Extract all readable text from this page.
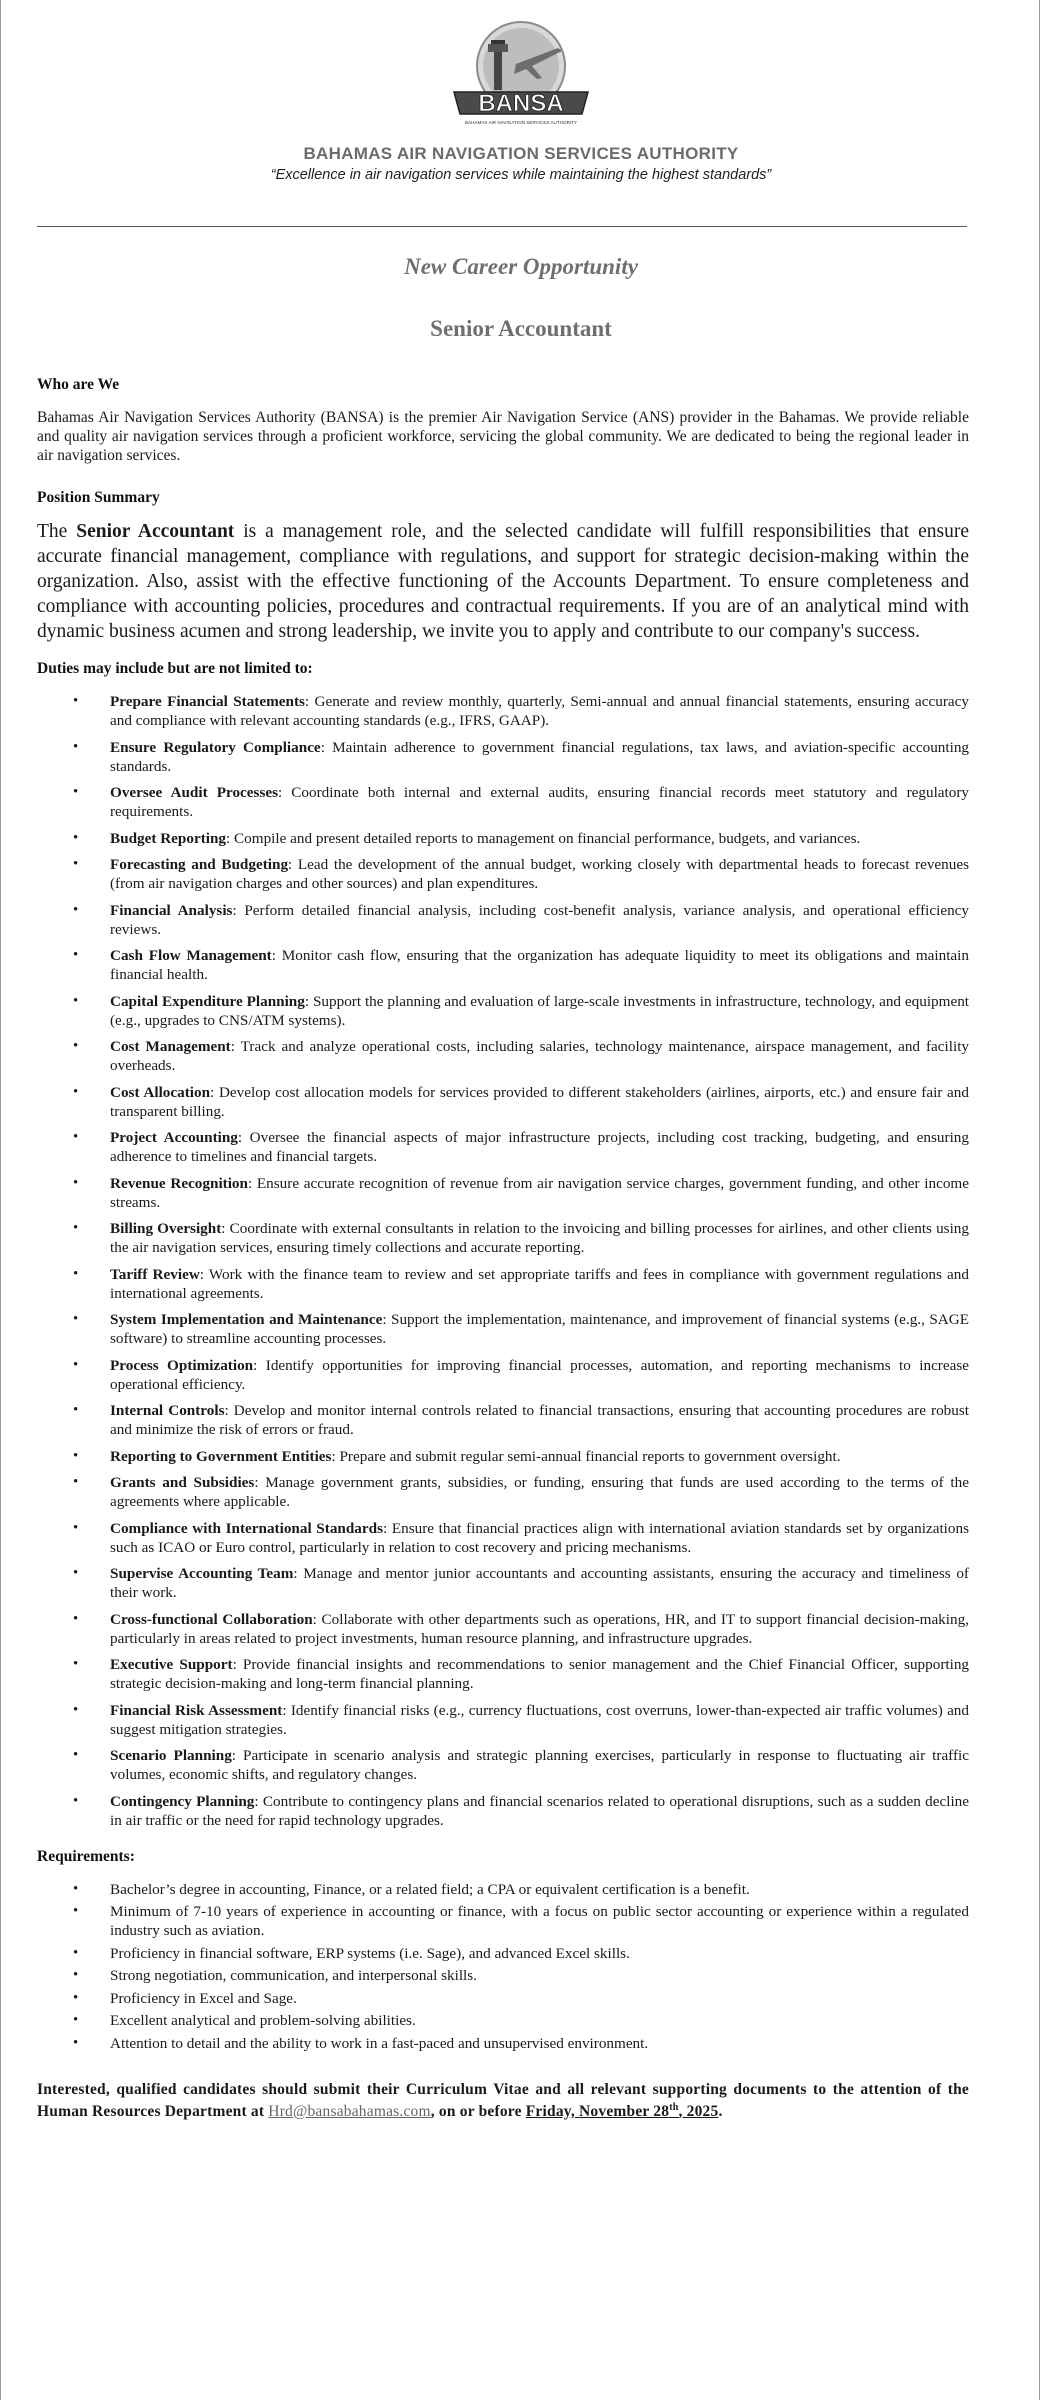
BANSA
BAHAMAS AIR NAVIGATION SERVICES AUTHORITY
BAHAMAS AIR NAVIGATION SERVICES AUTHORITY
“Excellence in air navigation services while maintaining the highest standards”
New Career Opportunity
Senior Accountant
Who are We

Bahamas Air Navigation Services Authority (BANSA) is the premier Air Navigation Service (ANS) provider in the Bahamas. We provide reliable and quality air navigation services through a proficient workforce, servicing the global community. We are dedicated to being the regional leader in air navigation services.

Position Summary

The Senior Accountant is a management role, and the selected candidate will fulfill responsibilities that ensure accurate financial management, compliance with regulations, and support for strategic decision-making within the organization. Also, assist with the effective functioning of the Accounts Department. To ensure completeness and compliance with accounting policies, procedures and contractual requirements. If you are of an analytical mind with dynamic business acumen and strong leadership, we invite you to apply and contribute to our company's success.

Duties may include but are not limited to:
• Prepare Financial Statements: Generate and review monthly, quarterly, Semi-annual and annual financial statements, ensuring accuracy and compliance with relevant accounting standards (e.g., IFRS, GAAP).
• Ensure Regulatory Compliance: Maintain adherence to government financial regulations, tax laws, and aviation-specific accounting standards.
• Oversee Audit Processes: Coordinate both internal and external audits, ensuring financial records meet statutory and regulatory requirements.
• Budget Reporting: Compile and present detailed reports to management on financial performance, budgets, and variances.
• Forecasting and Budgeting: Lead the development of the annual budget, working closely with departmental heads to forecast revenues (from air navigation charges and other sources) and plan expenditures.
• Financial Analysis: Perform detailed financial analysis, including cost-benefit analysis, variance analysis, and operational efficiency reviews.
• Cash Flow Management: Monitor cash flow, ensuring that the organization has adequate liquidity to meet its obligations and maintain financial health.
• Capital Expenditure Planning: Support the planning and evaluation of large-scale investments in infrastructure, technology, and equipment (e.g., upgrades to CNS/ATM systems).
• Cost Management: Track and analyze operational costs, including salaries, technology maintenance, airspace management, and facility overheads.
• Cost Allocation: Develop cost allocation models for services provided to different stakeholders (airlines, airports, etc.) and ensure fair and transparent billing.
• Project Accounting: Oversee the financial aspects of major infrastructure projects, including cost tracking, budgeting, and ensuring adherence to timelines and financial targets.
• Revenue Recognition: Ensure accurate recognition of revenue from air navigation service charges, government funding, and other income streams.
• Billing Oversight: Coordinate with external consultants in relation to the invoicing and billing processes for airlines, and other clients using the air navigation services, ensuring timely collections and accurate reporting.
• Tariff Review: Work with the finance team to review and set appropriate tariffs and fees in compliance with government regulations and international agreements.
• System Implementation and Maintenance: Support the implementation, maintenance, and improvement of financial systems (e.g., SAGE software) to streamline accounting processes.
• Process Optimization: Identify opportunities for improving financial processes, automation, and reporting mechanisms to increase operational efficiency.
• Internal Controls: Develop and monitor internal controls related to financial transactions, ensuring that accounting procedures are robust and minimize the risk of errors or fraud.
• Reporting to Government Entities: Prepare and submit regular semi-annual financial reports to government oversight.
• Grants and Subsidies: Manage government grants, subsidies, or funding, ensuring that funds are used according to the terms of the agreements where applicable.
• Compliance with International Standards: Ensure that financial practices align with international aviation standards set by organizations such as ICAO or Euro control, particularly in relation to cost recovery and pricing mechanisms.
• Supervise Accounting Team: Manage and mentor junior accountants and accounting assistants, ensuring the accuracy and timeliness of their work.
• Cross-functional Collaboration: Collaborate with other departments such as operations, HR, and IT to support financial decision-making, particularly in areas related to project investments, human resource planning, and infrastructure upgrades.
• Executive Support: Provide financial insights and recommendations to senior management and the Chief Financial Officer, supporting strategic decision-making and long-term financial planning.
• Financial Risk Assessment: Identify financial risks (e.g., currency fluctuations, cost overruns, lower-than-expected air traffic volumes) and suggest mitigation strategies.
• Scenario Planning: Participate in scenario analysis and strategic planning exercises, particularly in response to fluctuating air traffic volumes, economic shifts, and regulatory changes.
• Contingency Planning: Contribute to contingency plans and financial scenarios related to operational disruptions, such as a sudden decline in air traffic or the need for rapid technology upgrades.
Requirements:
• Bachelor’s degree in accounting, Finance, or a related field; a CPA or equivalent certification is a benefit.
• Minimum of 7-10 years of experience in accounting or finance, with a focus on public sector accounting or experience within a regulated industry such as aviation.
• Proficiency in financial software, ERP systems (i.e. Sage), and advanced Excel skills.
• Strong negotiation, communication, and interpersonal skills.
• Proficiency in Excel and Sage.
• Excellent analytical and problem-solving abilities.
• Attention to detail and the ability to work in a fast-paced and unsupervised environment.
Interested, qualified candidates should submit their Curriculum Vitae and all relevant supporting documents to the attention of the Human Resources Department at Hrd@bansabahamas.com, on or before Friday, November 28th, 2025.
